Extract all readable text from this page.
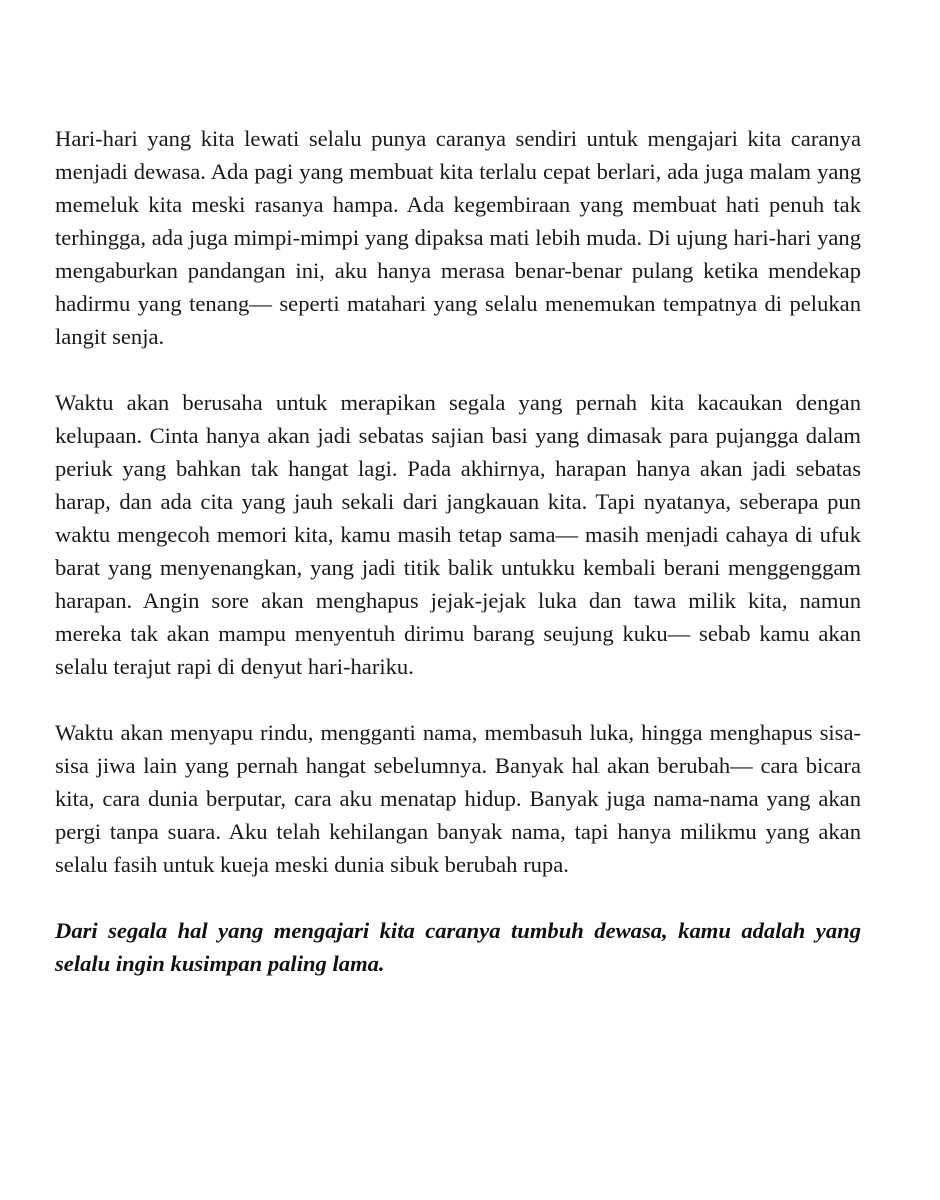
Hari-hari yang kita lewati selalu punya caranya sendiri untuk mengajari kita caranya menjadi dewasa. Ada pagi yang membuat kita terlalu cepat berlari, ada juga malam yang memeluk kita meski rasanya hampa. Ada kegembiraan yang membuat hati penuh tak terhingga, ada juga mimpi-mimpi yang dipaksa mati lebih muda. Di ujung hari-hari yang mengaburkan pandangan ini, aku hanya merasa benar-benar pulang ketika mendekap hadirmu yang tenang— seperti matahari yang selalu menemukan tempatnya di pelukan langit senja.

Waktu akan berusaha untuk merapikan segala yang pernah kita kacaukan dengan kelupaan. Cinta hanya akan jadi sebatas sajian basi yang dimasak para pujangga dalam periuk yang bahkan tak hangat lagi. Pada akhirnya, harapan hanya akan jadi sebatas harap, dan ada cita yang jauh sekali dari jangkauan kita. Tapi nyatanya, seberapa pun waktu mengecoh memori kita, kamu masih tetap sama— masih menjadi cahaya di ufuk barat yang menyenangkan, yang jadi titik balik untukku kembali berani menggenggam harapan. Angin sore akan menghapus jejak-jejak luka dan tawa milik kita, namun mereka tak akan mampu menyentuh dirimu barang seujung kuku— sebab kamu akan selalu terajut rapi di denyut hari-hariku.

Waktu akan menyapu rindu, mengganti nama, membasuh luka, hingga menghapus sisa-sisa jiwa lain yang pernah hangat sebelumnya. Banyak hal akan berubah— cara bicara kita, cara dunia berputar, cara aku menatap hidup. Banyak juga nama-nama yang akan pergi tanpa suara. Aku telah kehilangan banyak nama, tapi hanya milikmu yang akan selalu fasih untuk kueja meski dunia sibuk berubah rupa.

Dari segala hal yang mengajari kita caranya tumbuh dewasa, kamu adalah yang selalu ingin kusimpan paling lama.
